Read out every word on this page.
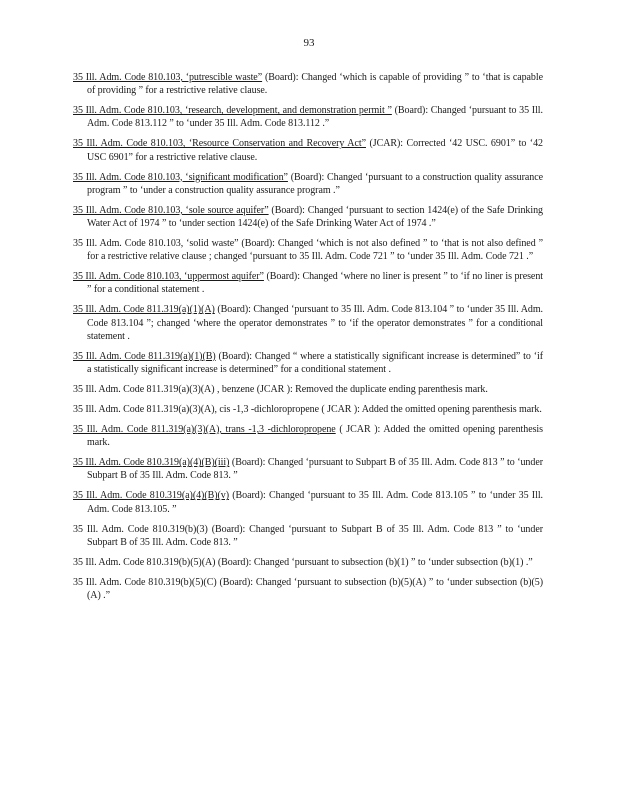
93

35 Ill. Adm. Code 810.103, ‘putrescible waste” (Board): Changed ‘which is capable of providing ” to ‘that is capable of providing ” for a restrictive relative clause.

35 Ill. Adm. Code 810.103, ‘research, development, and demonstration permit ” (Board): Changed ‘pursuant to 35 Ill. Adm. Code 813.112 ” to ‘under 35 Ill. Adm. Code 813.112 .”

35 Ill. Adm. Code 810.103, ‘Resource Conservation and Recovery Act” (JCAR): Corrected ‘42 USC. 6901” to ‘42 USC 6901” for a restrictive relative clause.

35 Ill. Adm. Code 810.103, ‘significant modification” (Board): Changed ‘pursuant to a construction quality assurance program ” to ‘under a construction quality assurance program .”

35 Ill. Adm. Code 810.103, ‘sole source aquifer” (Board): Changed ‘pursuant to section 1424(e) of the Safe Drinking Water Act of 1974 ” to ‘under section 1424(e) of the Safe Drinking Water Act of 1974 .”

35 Ill. Adm. Code 810.103, ‘solid waste” (Board): Changed ‘which is not also defined ” to ‘that is not also defined ” for a restrictive relative clause ; changed ‘pursuant to 35 Ill. Adm. Code 721 ” to ‘under 35 Ill. Adm. Code 721 .”

35 Ill. Adm. Code 810.103, ‘uppermost aquifer” (Board): Changed ‘where no liner is present ” to ‘if no liner is present ” for a conditional statement .

35 Ill. Adm. Code 811.319(a)(1)(A) (Board): Changed ‘pursuant to 35 Ill. Adm. Code 813.104 ” to ‘under 35 Ill. Adm. Code 813.104 ”; changed ‘where the operator demonstrates ” to ‘if the operator demonstrates ” for a conditional statement .

35 Ill. Adm. Code 811.319(a)(1)(B) (Board): Changed “ where a statistically significant increase is determined” to ‘if a statistically significant increase is determined” for a conditional statement .

35 Ill. Adm. Code 811.319(a)(3)(A) , benzene (JCAR ): Removed the duplicate ending parenthesis mark.

35 Ill. Adm. Code 811.319(a)(3)(A), cis -1,3 -dichloropropene ( JCAR ): Added the omitted opening parenthesis mark.

35 Ill. Adm. Code 811.319(a)(3)(A), trans -1,3 -dichloropropene ( JCAR ): Added the omitted opening parenthesis mark.

35 Ill. Adm. Code 810.319(a)(4)(B)(iii) (Board): Changed ‘pursuant to Subpart B of 35 Ill. Adm. Code 813 ” to ‘under Subpart B of 35 Ill. Adm. Code 813. ”

35 Ill. Adm. Code 810.319(a)(4)(B)(v) (Board): Changed ‘pursuant to 35 Ill. Adm. Code 813.105 ” to ‘under 35 Ill. Adm. Code 813.105. ”

35 Ill. Adm. Code 810.319(b)(3) (Board): Changed ‘pursuant to Subpart B of 35 Ill. Adm. Code 813 ” to ‘under Subpart B of 35 Ill. Adm. Code 813. ”

35 Ill. Adm. Code 810.319(b)(5)(A) (Board): Changed ‘pursuant to subsection (b)(1) ” to ‘under subsection (b)(1) .”

35 Ill. Adm. Code 810.319(b)(5)(C) (Board): Changed ‘pursuant to subsection (b)(5)(A) ” to ‘under subsection (b)(5)(A) .”
